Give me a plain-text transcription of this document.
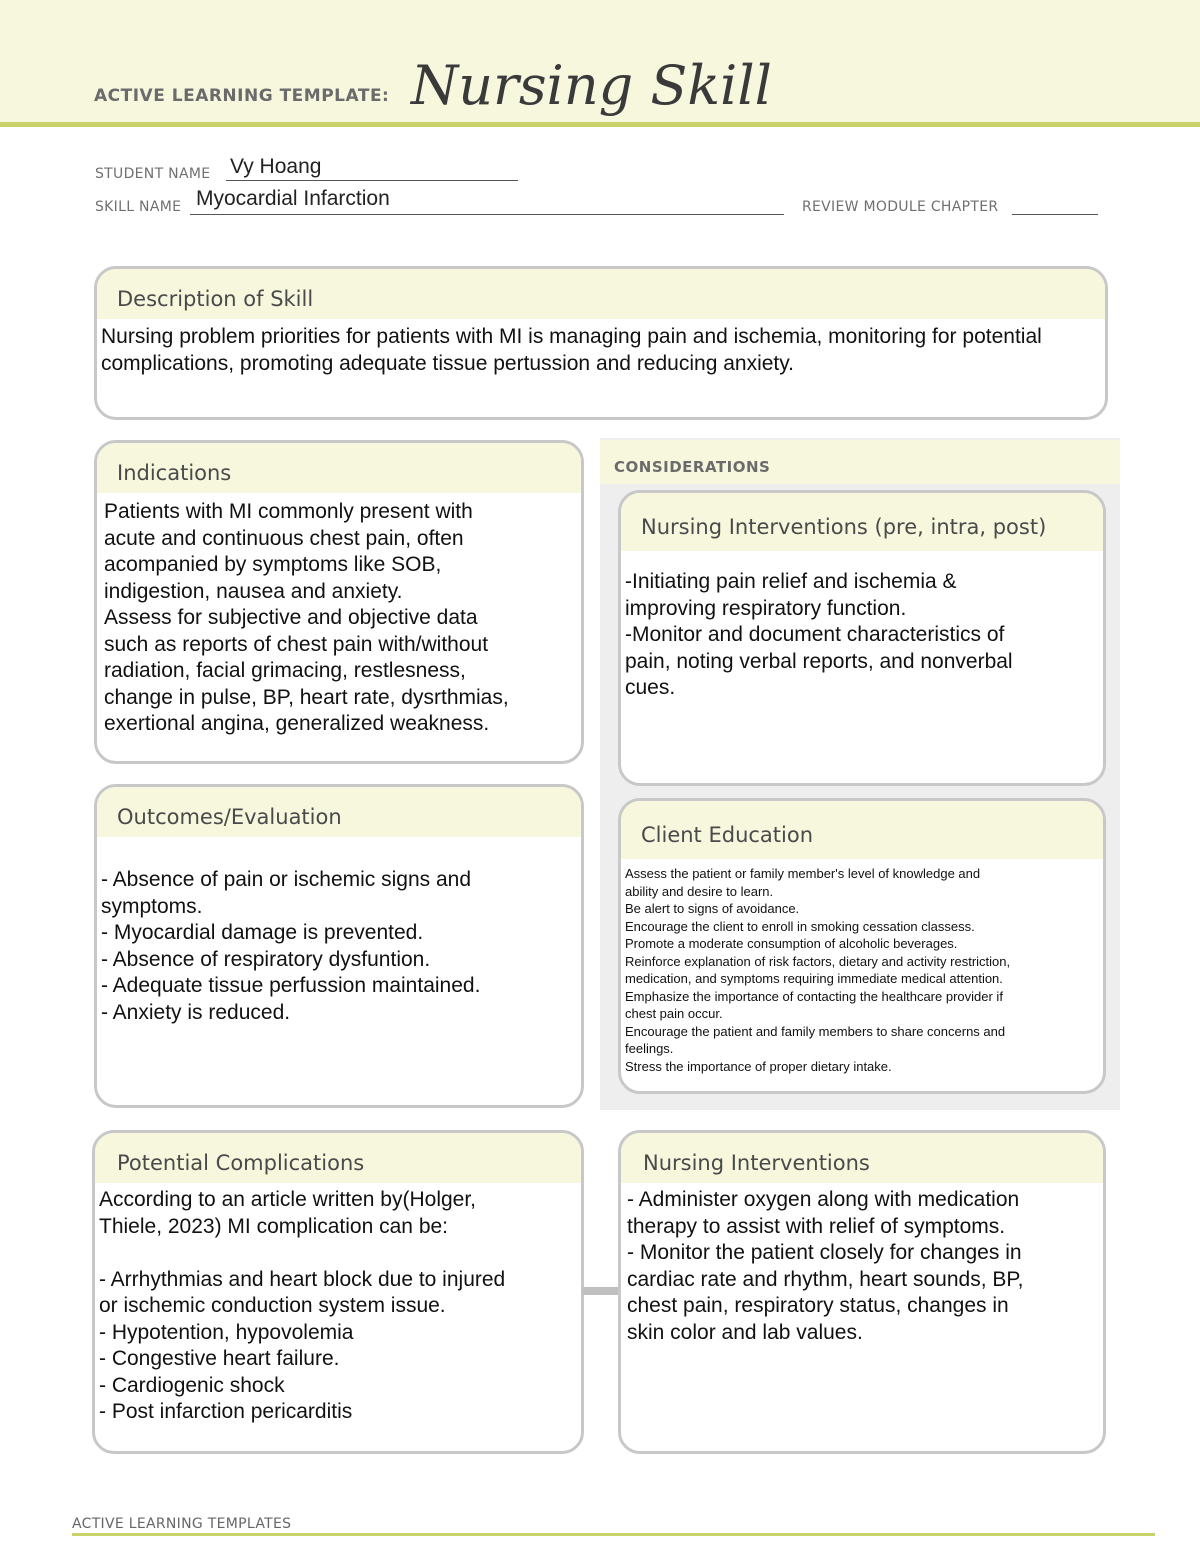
ACTIVE LEARNING TEMPLATE: Nursing Skill
STUDENT NAME Vy Hoang
SKILL NAME Myocardial Infarction	REVIEW MODULE CHAPTER
Description of Skill
Nursing problem priorities for patients with MI is managing pain and ischemia, monitoring for potential complications, promoting adequate tissue pertussion and reducing anxiety.
CONSIDERATIONS
Indications
Patients with MI commonly present with
acute and continuous chest pain, often
acompanied by symptoms like SOB,
indigestion, nausea and anxiety.
Assess for subjective and objective data
such as reports of chest pain with/without
radiation, facial grimacing, restlesness,
change in pulse, BP, heart rate, dysrthmias,
exertional angina, generalized weakness.
Nursing Interventions (pre, intra, post)
-Initiating pain relief and ischemia &
improving respiratory function.
-Monitor and document characteristics of
pain, noting verbal reports, and nonverbal
cues.
Outcomes/Evaluation
- Absence of pain or ischemic signs and
symptoms.
- Myocardial damage is prevented.
- Absence of respiratory dysfuntion.
- Adequate tissue perfussion maintained.
- Anxiety is reduced.
Client Education
Assess the patient or family member's level of knowledge and
ability and desire to learn.
Be alert to signs of avoidance.
Encourage the client to enroll in smoking cessation classess.
Promote a moderate consumption of alcoholic beverages.
Reinforce explanation of risk factors, dietary and activity restriction,
medication, and symptoms requiring immediate medical attention.
Emphasize the importance of contacting the healthcare provider if
chest pain occur.
Encourage the patient and family members to share concerns and
feelings.
Stress the importance of proper dietary intake.
Potential Complications
According to an article written by(Holger,
Thiele, 2023) MI complication can be:

- Arrhythmias and heart block due to injured
or ischemic conduction system issue.
- Hypotention, hypovolemia
- Congestive heart failure.
- Cardiogenic shock
- Post infarction pericarditis
Nursing Interventions
- Administer oxygen along with medication
therapy to assist with relief of symptoms.
- Monitor the patient closely for changes in
cardiac rate and rhythm, heart sounds, BP,
chest pain, respiratory status, changes in
skin color and lab values.
ACTIVE LEARNING TEMPLATES
